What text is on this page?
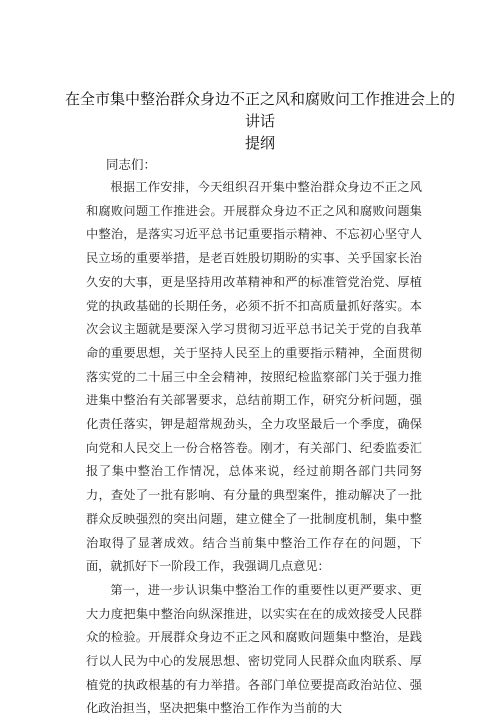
在全市集中整治群众身边不正之风和腐败问工作推进会上的讲话
提纲

同志们：

根据工作安排，今天组织召开集中整治群众身边不正之风和腐败问题工作推进会。开展群众身边不正之风和腐败问题集中整治，是落实习近平总书记重要指示精神、不忘初心坚守人民立场的重要举措，是老百姓殷切期盼的实事、关乎国家长治久安的大事，更是坚持用改革精神和严的标准管党治党、厚植党的执政基础的长期任务，必须不折不扣高质量抓好落实。本次会议主题就是要深入学习贯彻习近平总书记关于党的自我革命的重要思想，关于坚持人民至上的重要指示精神，全面贯彻落实党的二十届三中全会精神，按照纪检监察部门关于强力推进集中整治有关部署要求，总结前期工作，研究分析问题，强化责任落实，钾是超常规劲头，全力攻坚最后一个季度，确保向党和人民交上一份合格答卷。刚才，有关部门、纪委监委汇报了集中整治工作情况，总体来说，经过前期各部门共同努力，查处了一批有影响、有分量的典型案件，推动解决了一批群众反映强烈的突出问题，建立健全了一批制度机制，集中整治取得了显著成效。结合当前集中整治工作存在的问题，下面，就抓好下一阶段工作，我强调几点意见：

第一，进一步认识集中整治工作的重要性以更严要求、更大力度把集中整治向纵深推进，以实实在在的成效接受人民群众的检验。开展群众身边不正之风和腐败问题集中整治，是践行以人民为中心的发展思想、密切党同人民群众血肉联系、厚植党的执政根基的有力举措。各部门单位要提高政治站位、强化政治担当，坚决把集中整治工作作为当前的大
